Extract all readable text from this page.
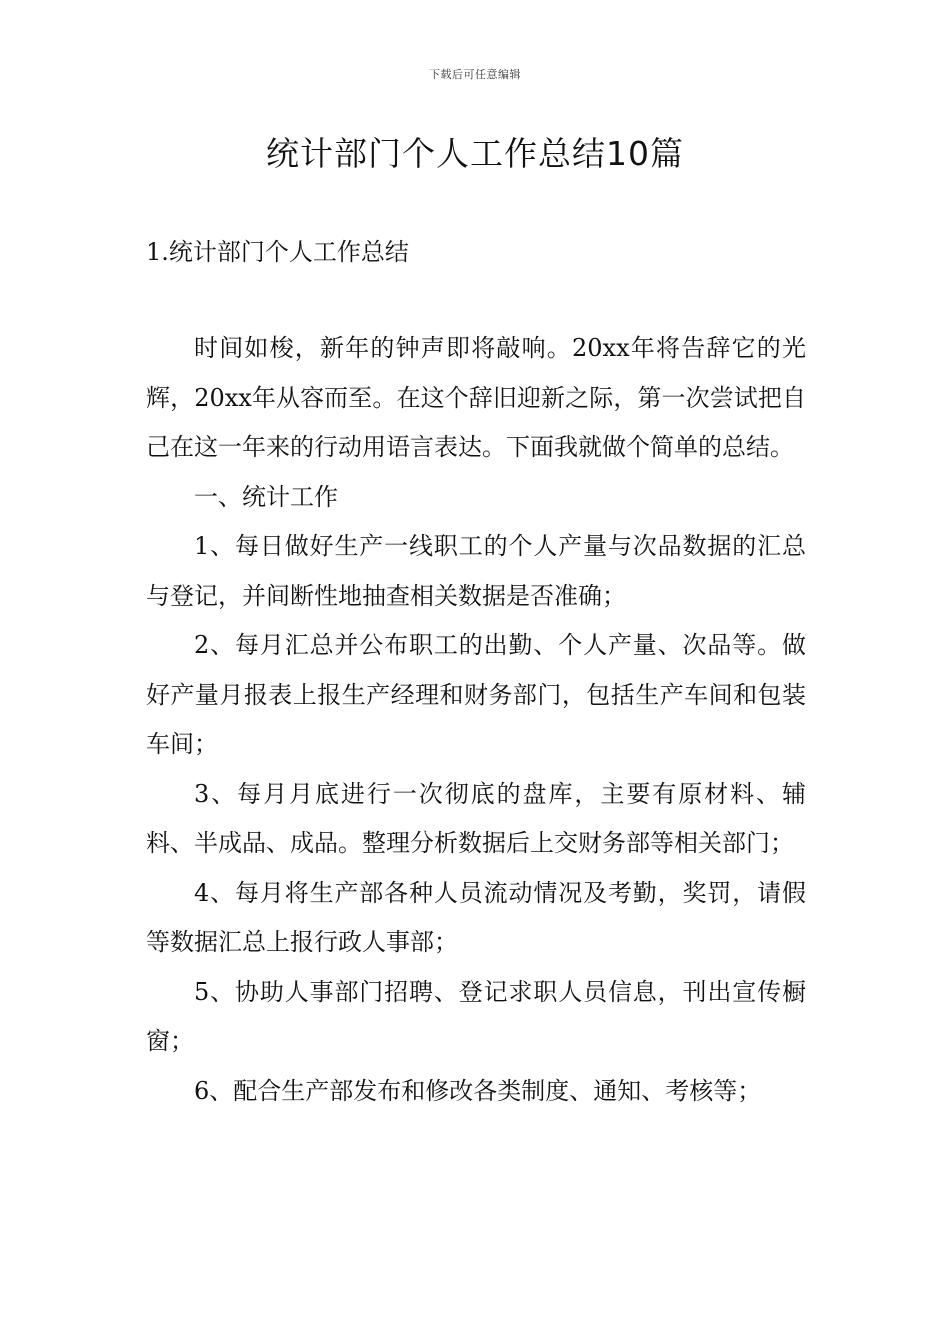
下载后可任意编辑
统计部门个人工作总结10篇
1.统计部门个人工作总结

时间如梭，新年的钟声即将敲响。20xx年将告辞它的光辉，20xx年从容而至。在这个辞旧迎新之际，第一次尝试把自己在这一年来的行动用语言表达。下面我就做个简单的总结。

一、统计工作

1、每日做好生产一线职工的个人产量与次品数据的汇总与登记，并间断性地抽查相关数据是否准确；

2、每月汇总并公布职工的出勤、个人产量、次品等。做好产量月报表上报生产经理和财务部门，包括生产车间和包装车间；

3、每月月底进行一次彻底的盘库，主要有原材料、辅料、半成品、成品。整理分析数据后上交财务部等相关部门；

4、每月将生产部各种人员流动情况及考勤，奖罚，请假等数据汇总上报行政人事部；

5、协助人事部门招聘、登记求职人员信息，刊出宣传橱窗；

6、配合生产部发布和修改各类制度、通知、考核等；
